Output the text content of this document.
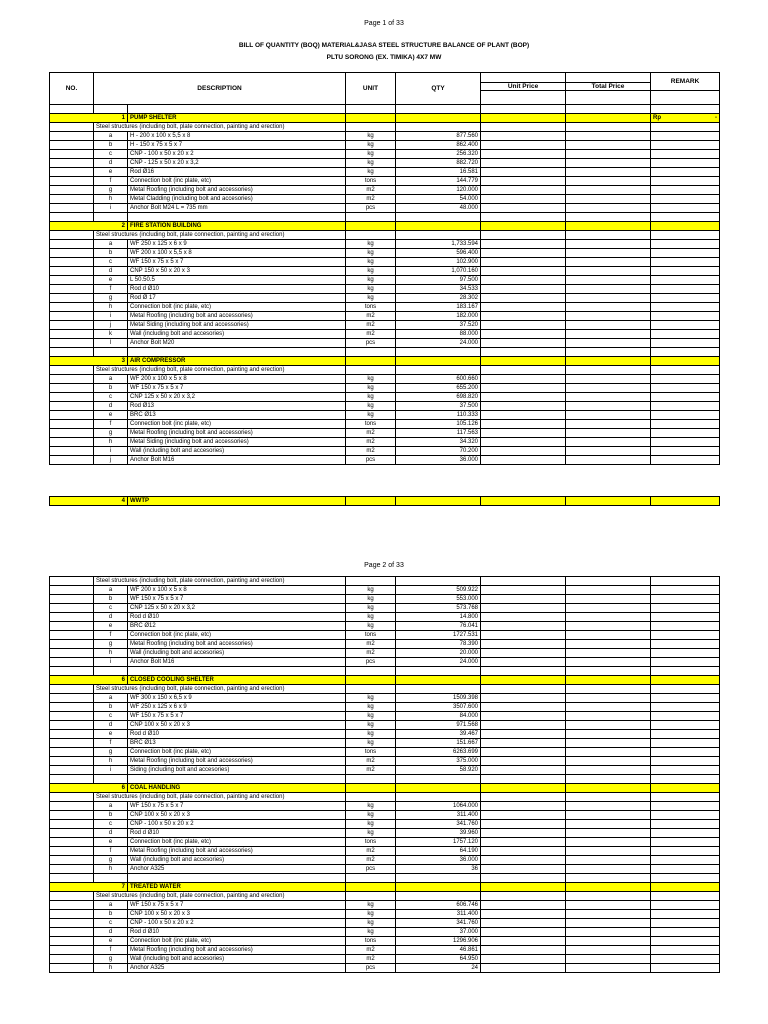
Page 1 of 33
BILL OF QUANTITY (BOQ) MATERIAL&JASA STEEL STRUCTURE BALANCE OF PLANT (BOP)
PLTU SORONG (EX. TIMIKA) 4X7 MW
NO.	DESCRIPTION		UNIT	QTY			REMARK
					Unit Price	Total Price	

1		PUMP SHELTER					Rp -

	Steel structures (including bolt, plate connection, painting and erection)						
	a	H - 200 x 100 x 5,5 x 8	kg	877.560			
	b	H - 150 x 75 x 5 x 7	kg	862.400			
	c	CNP - 100 x 50 x 20 x 2	kg	256.320			
	d	CNP - 125 x 50 x 20 x 3,2	kg	882.720			
	e	Rod Ø16	kg	16.581			
	f	Connection bolt (inc plate, etc)	tons	144.779			
	g	Metal Roofing (including bolt and accessories)	m2	120.000			
	h	Metal Cladding (including bolt and accesories)	m2	54.000			
	i	Anchor Bolt M24 L = 735 mm	pcs	48.000			

2		FIRE STATION BUILDING					
	Steel structures (including bolt, plate connection, painting and erection)						
	a	WF 250 x 125 x 6 x 9	kg	1,733.594			
	b	WF 200 x 100 x 5,5 x 8	kg	596.400			
	c	WF 150 x 75 x 5 x 7	kg	102.900			
	d	CNP 150 x 50 x 20 x 3	kg	1,070.160			
	e	L 50.50.5	kg	97.500			
	f	Rod d Ø10	kg	34.533			
	g	Rod Ø 17	kg	28.302			
	h	Connection bolt (inc plate, etc)	tons	183.167			
	i	Metal Roofing (including bolt and accessories)	m2	182.000			
	j	Metal Siding (including bolt and accessories)	m2	37.520			
	k	Wall (including bolt and accesories)	m2	88.000			
	l	Anchor Bolt M20	pcs	24.000			

3		AIR COMPRESSOR					
	Steel structures (including bolt, plate connection, painting and erection)						
	a	WF 200 x 100 x 5 x 8	kg	600.660			
	b	WF 150 x 75 x 5 x 7	kg	655.200			
	c	CNP 125 x 50 x 20 x 3,2	kg	698.820			
	d	Rod Ø13	kg	37.500			
	e	BRC Ø13	kg	110.333			
	f	Connection bolt (inc plate, etc)	tons	105.126			
	g	Metal Roofing (including bolt and accessories)	m2	117.563			
	h	Metal Siding (including bolt and accessories)	m2	34.320			
	i	Wall (including bolt and accesories)	m2	70.200			
	j	Anchor Bolt M16	pcs	36.000			
4	WWTP					
Page 2 of 33
	Steel structures (including bolt, plate connection, painting and erection)						
	a	WF 200 x 100 x 5 x 8	kg	509.922			
	b	WF 150 x 75 x 5 x 7	kg	553.000			
	c	CNP 125 x 50 x 20 x 3,2	kg	573.768			
	d	Rod d Ø10	kg	14.800			
	e	BRC Ø12	kg	76.041			
	f	Connection bolt (inc plate, etc)	tons	1727.531			
	g	Metal Roofing (including bolt and accessories)	m2	78.390			
	h	Wall (including bolt and accesories)	m2	20.000			
	i	Anchor Bolt M16	pcs	24.000			

6		CLOSED COOLING SHELTER					
	Steel structures (including bolt, plate connection, painting and erection)						
	a	WF 300 x 150 x 6,5 x 9	kg	1509.398			
	b	WF 250 x 125 x 6 x 9	kg	3507.600			
	c	WF 150 x 75 x 5 x 7	kg	84.000			
	d	CNP 100 x 50 x 20 x 3	kg	971.568			
	e	Rod d Ø10	kg	39.467			
	f	BRC Ø13	kg	151.667			
	g	Connection bolt (inc plate, etc)	tons	6263.699			
	h	Metal Roofing (including bolt and accessories)	m2	375.000			
	i	Siding (including bolt and accesories)	m2	58.920			

6		COAL HANDLING					
	Steel structures (including bolt, plate connection, painting and erection)						
	a	WF 150 x 75 x 5 x 7	kg	1064.000			
	b	CNP 100 x 50 x 20 x 3	kg	311.400			
	c	CNP - 100 x 50 x 20 x 2	kg	341.760			
	d	Rod d Ø10	kg	39.960			
	e	Connection bolt (inc plate, etc)	tons	1757.120			
	f	Metal Roofing (including bolt and accessories)	m2	64.190			
	g	Wall (including bolt and accesories)	m2	36.000			
	h	Anchor A325	pcs	36			

7		TREATED WATER					
	Steel structures (including bolt, plate connection, painting and erection)						
	a	WF 150 x 75 x 5 x 7	kg	606.746			
	b	CNP 100 x 50 x 20 x 3	kg	311.400			
	c	CNP - 100 x 50 x 20 x 2	kg	341.760			
	d	Rod d Ø10	kg	37.000			
	e	Connection bolt (inc plate, etc)	tons	1296.906			
	f	Metal Roofing (including bolt and accessories)	m2	46.861			
	g	Wall (including bolt and accesories)	m2	64.950			
	h	Anchor A325	pcs	24			
